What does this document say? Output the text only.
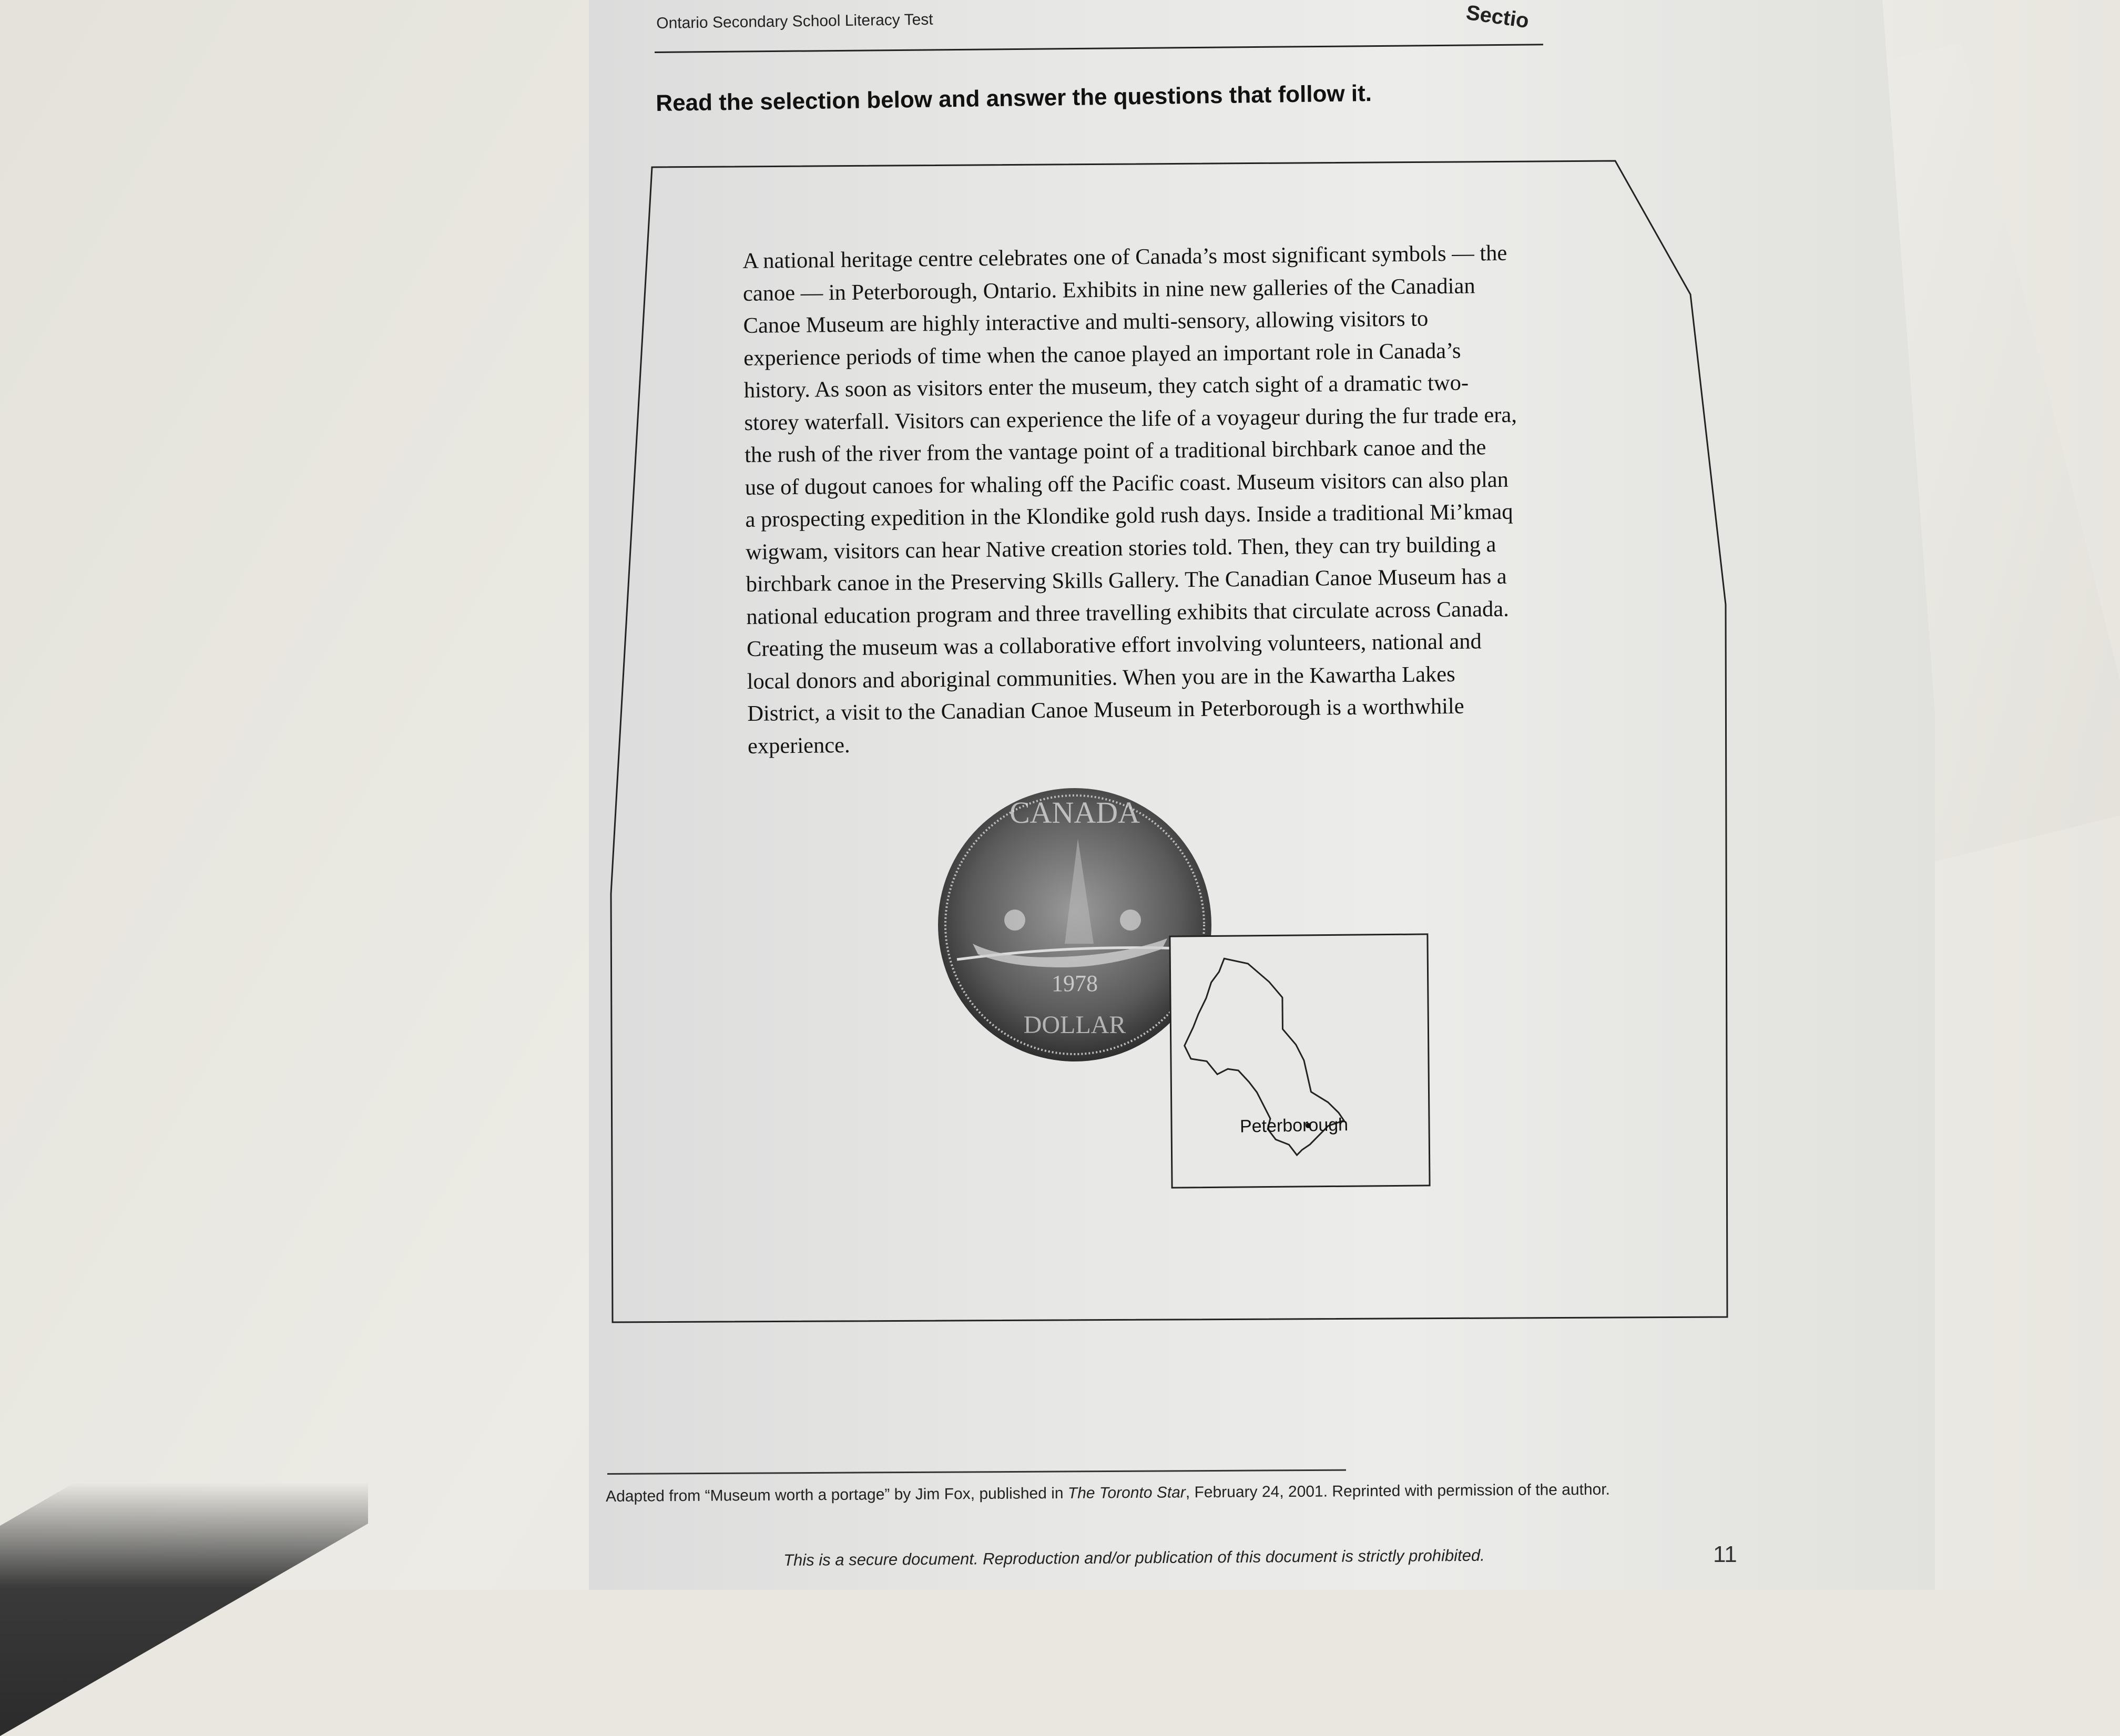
Ontario Secondary School Literacy Test	Sectio
Read the selection below and answer the questions that follow it.
A national heritage centre celebrates one of Canada’s most significant symbols — the
canoe — in Peterborough, Ontario. Exhibits in nine new galleries of the Canadian
Canoe Museum are highly interactive and multi-sensory, allowing visitors to
experience periods of time when the canoe played an important role in Canada’s
history. As soon as visitors enter the museum, they catch sight of a dramatic two-
storey waterfall. Visitors can experience the life of a voyageur during the fur trade era,
the rush of the river from the vantage point of a traditional birchbark canoe and the
use of dugout canoes for whaling off the Pacific coast. Museum visitors can also plan
a prospecting expedition in the Klondike gold rush days. Inside a traditional Mi’kmaq
wigwam, visitors can hear Native creation stories told. Then, they can try building a
birchbark canoe in the Preserving Skills Gallery. The Canadian Canoe Museum has a
national education program and three travelling exhibits that circulate across Canada.
Creating the museum was a collaborative effort involving volunteers, national and
local donors and aboriginal communities. When you are in the Kawartha Lakes
District, a visit to the Canadian Canoe Museum in Peterborough is a worthwhile
experience.
CANADA
1978
DOLLAR
Peterborough
Adapted from “Museum worth a portage” by Jim Fox, published in The Toronto Star, February 24, 2001. Reprinted with permission of the author.
This is a secure document. Reproduction and/or publication of this document is strictly prohibited.	11
